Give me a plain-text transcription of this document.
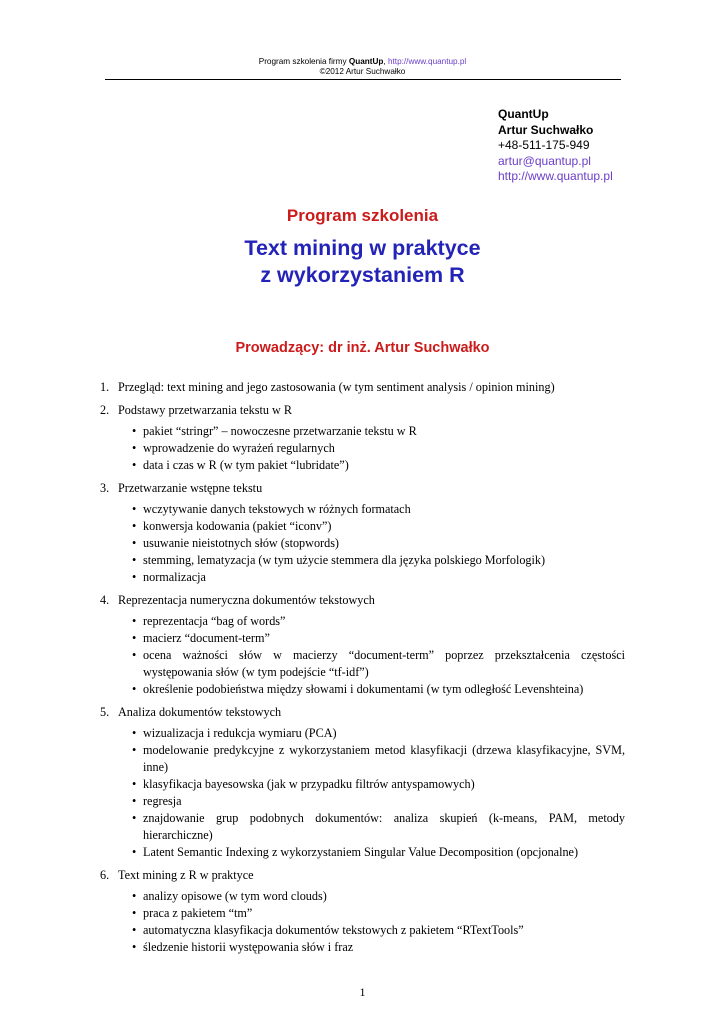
Program szkolenia firmy QuantUp, http://www.quantup.pl
©2012 Artur Suchwałko
QuantUp
Artur Suchwałko
+48-511-175-949
artur@quantup.pl
http://www.quantup.pl
Program szkolenia
Text mining w praktyce
z wykorzystaniem R
Prowadzący: dr inż. Artur Suchwałko
1. Przegląd: text mining and jego zastosowania (w tym sentiment analysis / opinion mining)
2. Podstawy przetwarzania tekstu w R
• pakiet “stringr” – nowoczesne przetwarzanie tekstu w R
• wprowadzenie do wyrażeń regularnych
• data i czas w R (w tym pakiet “lubridate”)
3. Przetwarzanie wstępne tekstu
• wczytywanie danych tekstowych w różnych formatach
• konwersja kodowania (pakiet “iconv”)
• usuwanie nieistotnych słów (stopwords)
• stemming, lematyzacja (w tym użycie stemmera dla języka polskiego Morfologik)
• normalizacja
4. Reprezentacja numeryczna dokumentów tekstowych
• reprezentacja “bag of words”
• macierz “document-term”
• ocena ważności słów w macierzy “document-term” poprzez przekształcenia częstości występowania słów (w tym podejście “tf-idf”)
• określenie podobieństwa między słowami i dokumentami (w tym odległość Levenshteina)
5. Analiza dokumentów tekstowych
• wizualizacja i redukcja wymiaru (PCA)
• modelowanie predykcyjne z wykorzystaniem metod klasyfikacji (drzewa klasyfikacyjne, SVM, inne)
• klasyfikacja bayesowska (jak w przypadku filtrów antyspamowych)
• regresja
• znajdowanie grup podobnych dokumentów: analiza skupień (k-means, PAM, metody hierarchiczne)
• Latent Semantic Indexing z wykorzystaniem Singular Value Decomposition (opcjonalne)
6. Text mining z R w praktyce
• analizy opisowe (w tym word clouds)
• praca z pakietem “tm”
• automatyczna klasyfikacja dokumentów tekstowych z pakietem “RTextTools”
• śledzenie historii występowania słów i fraz
1
